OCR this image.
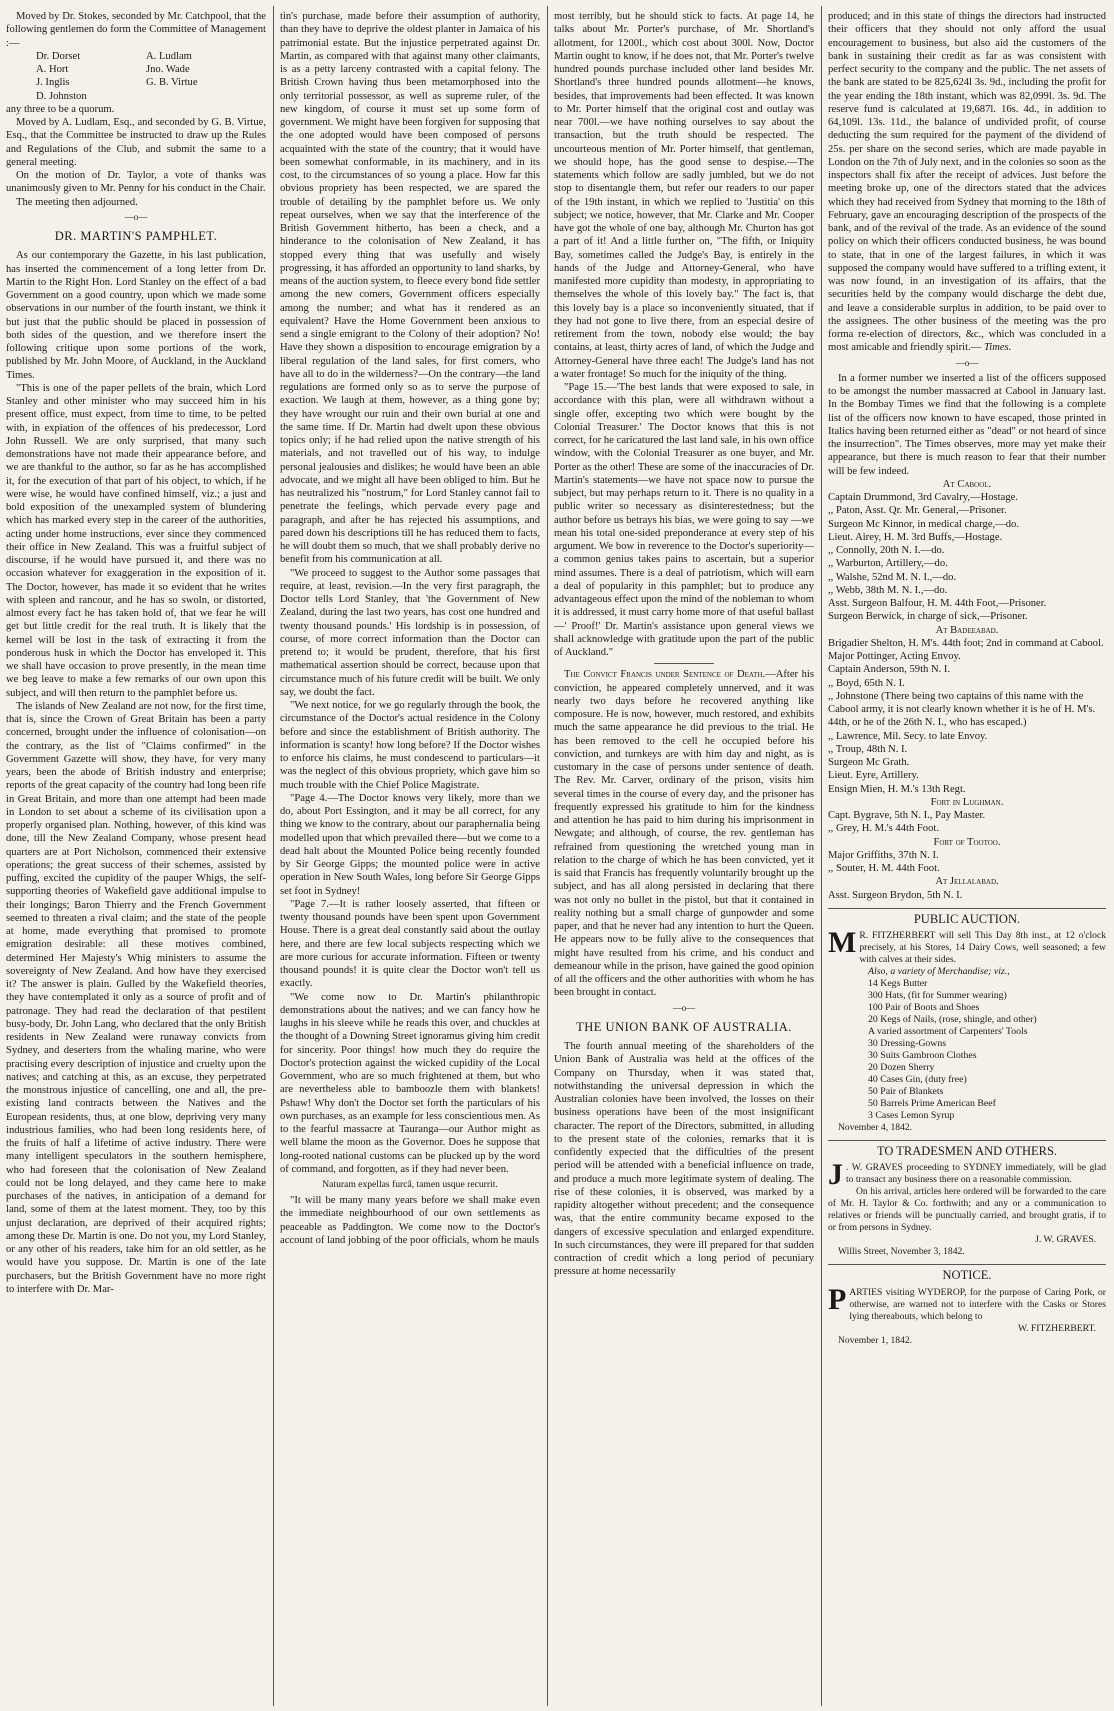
Moved by Dr. Stokes, seconded by Mr. Catchpool, that the following gentlemen do form the Committee of Management :—

Dr. Dorset	A. Ludlam
A. Hort	Jno. Wade
J. Inglis	G. B. Virtue
D. Johnston

any three to be a quorum.

Moved by A. Ludlam, Esq., and seconded by G. B. Virtue, Esq., that the Committee be instructed to draw up the Rules and Regulations of the Club, and submit the same to a general meeting.

On the motion of Dr. Taylor, a vote of thanks was unanimously given to Mr. Penny for his conduct in the Chair.

The meeting then adjourned.

—o—
DR. MARTIN'S PAMPHLET.

As our contemporary the Gazette, in his last publication, has inserted the commencement of a long letter from Dr. Martin to the Right Hon. Lord Stanley on the effect of a bad Government on a good country, upon which we made some observations in our number of the fourth instant, we think it but just that the public should be placed in possession of both sides of the question, and we therefore insert the following critique upon some portions of the work, published by Mr. John Moore, of Auckland, in the Auckland Times.

"This is one of the paper pellets of the brain, which Lord Stanley and other minister who may succeed him in his present office, must expect, from time to time, to be pelted with, in expiation of the offences of his predecessor, Lord John Russell. We are only surprised, that many such demonstrations have not made their appearance before, and we are thankful to the author, so far as he has accomplished it, for the execution of that part of his object, to which, if he were wise, he would have confined himself, viz.; a just and bold exposition of the unexampled system of blundering which has marked every step in the career of the authorities, acting under home instructions, ever since they commenced their office in New Zealand. This was a fruitful subject of discourse, if he would have pursued it, and there was no occasion whatever for exaggeration in the exposition of it. The Doctor, however, has made it so evident that he writes with spleen and rancour, and he has so swoln, or distorted, almost every fact he has taken hold of, that we fear he will get but little credit for the real truth. It is likely that the kernel will be lost in the task of extracting it from the ponderous husk in which the Doctor has enveloped it. This we shall have occasion to prove presently, in the mean time we beg leave to make a few remarks of our own upon this subject, and will then return to the pamphlet before us.

The islands of New Zealand are not now, for the first time, that is, since the Crown of Great Britain has been a party concerned, brought under the influence of colonisation—on the contrary, as the list of "Claims confirmed" in the Government Gazette will show, they have, for very many years, been the abode of British industry and enterprise; reports of the great capacity of the country had long been rife in Great Britain, and more than one attempt had been made in London to set about a scheme of its civilisation upon a properly organised plan. Nothing, however, of this kind was done, till the New Zealand Company, whose present head quarters are at Port Nicholson, commenced their extensive operations; the great success of their schemes, assisted by puffing, excited the cupidity of the pauper Whigs, the self-supporting theories of Wakefield gave additional impulse to their longings; Baron Thierry and the French Government seemed to threaten a rival claim; and the state of the people at home, made everything that promised to promote emigration desirable: all these motives combined, determined Her Majesty's Whig ministers to assume the sovereignty of New Zealand. And how have they exercised it? The answer is plain. Gulled by the Wakefield theories, they have contemplated it only as a source of profit and of patronage. They had read the declaration of that pestilent busy-body, Dr. John Lang, who declared that the only British residents in New Zealand were runaway convicts from Sydney, and deserters from the whaling marine, who were practising every description of injustice and cruelty upon the natives; and catching at this, as an excuse, they perpetrated the monstrous injustice of cancelling, one and all, the pre-existing land contracts between the Natives and the European residents, thus, at one blow, depriving very many industrious families, who had been long residents here, of the fruits of half a lifetime of active industry. There were many intelligent speculators in the southern hemisphere, who had foreseen that the colonisation of New Zealand could not be long delayed, and they came here to make purchases of the natives, in anticipation of a demand for land, some of them at the latest moment. They, too by this unjust declaration, are deprived of their acquired rights; among these Dr. Martin is one. Do not you, my Lord Stanley, or any other of his readers, take him for an old settler, as he would have you suppose. Dr. Martin is one of the late purchasers, but the British Government have no more right to interfere with Dr. Mar-

tin's purchase, made before their assumption of authority, than they have to deprive the oldest planter in Jamaica of his patrimonial estate. But the injustice perpetrated against Dr. Martin, as compared with that against many other claimants, is as a petty larceny contrasted with a capital felony. The British Crown having thus been metamorphosed into the only territorial possessor, as well as supreme ruler, of the new kingdom, of course it must set up some form of government. We might have been forgiven for supposing that the one adopted would have been composed of persons acquainted with the state of the country; that it would have been somewhat conformable, in its machinery, and in its cost, to the circumstances of so young a place. How far this obvious propriety has been respected, we are spared the trouble of detailing by the pamphlet before us. We only repeat ourselves, when we say that the interference of the British Government hitherto, has been a check, and a hinderance to the colonisation of New Zealand, it has stopped every thing that was usefully and wisely progressing, it has afforded an opportunity to land sharks, by means of the auction system, to fleece every bond fide settler among the new comers, Government officers especially among the number; and what has it rendered as an equivalent? Have the Home Government been anxious to send a single emigrant to the Colony of their adoption? No! Have they shown a disposition to encourage emigration by a liberal regulation of the land sales, for first comers, who have all to do in the wilderness?—On the contrary—the land regulations are formed only so as to serve the purpose of exaction. We laugh at them, however, as a thing gone by; they have wrought our ruin and their own burial at one and the same time. If Dr. Martin had dwelt upon these obvious topics only; if he had relied upon the native strength of his materials, and not travelled out of his way, to indulge personal jealousies and dislikes; he would have been an able advocate, and we might all have been obliged to him. But he has neutralized his "nostrum," for Lord Stanley cannot fail to penetrate the feelings, which pervade every page and paragraph, and after he has rejected his assumptions, and pared down his descriptions till he has reduced them to facts, he will doubt them so much, that we shall probably derive no benefit from his communication at all.

"We proceed to suggest to the Author some passages that require, at least, revision.—In the very first paragraph, the Doctor tells Lord Stanley, that 'the Government of New Zealand, during the last two years, has cost one hundred and twenty thousand pounds.' His lordship is in possession, of course, of more correct information than the Doctor can pretend to; it would be prudent, therefore, that his first mathematical assertion should be correct, because upon that circumstance much of his future credit will be built. We only say, we doubt the fact.

"We next notice, for we go regularly through the book, the circumstance of the Doctor's actual residence in the Colony before and since the establishment of British authority. The information is scanty! how long before? If the Doctor wishes to enforce his claims, he must condescend to particulars—it was the neglect of this obvious propriety, which gave him so much trouble with the Chief Police Magistrate.

"Page 4.—The Doctor knows very likely, more than we do, about Port Essington, and it may be all correct, for any thing we know to the contrary, about our paraphernalia being modelled upon that which prevailed there—but we come to a dead halt about the Mounted Police being recently founded by Sir George Gipps; the mounted police were in active operation in New South Wales, long before Sir George Gipps set foot in Sydney!

"Page 7.—It is rather loosely asserted, that fifteen or twenty thousand pounds have been spent upon Government House. There is a great deal constantly said about the outlay here, and there are few local subjects respecting which we are more curious for accurate information. Fifteen or twenty thousand pounds! it is quite clear the Doctor won't tell us exactly.

"We come now to Dr. Martin's philanthropic demonstrations about the natives; and we can fancy how he laughs in his sleeve while he reads this over, and chuckles at the thought of a Downing Street ignoramus giving him credit for sincerity. Poor things! how much they do require the Doctor's protection against the wicked cupidity of the Local Government, who are so much frightened at them, but who are nevertheless able to bamboozle them with blankets! Pshaw! Why don't the Doctor set forth the particulars of his own purchases, as an example for less conscientious men. As to the fearful massacre at Tauranga—our Author might as well blame the moon as the Governor. Does he suppose that long-rooted national customs can be plucked up by the word of command, and forgotten, as if they had never been.

Naturam expellas furcâ, tamen usque recurrit.

"It will be many many years before we shall make even the immediate neighbourhood of our own settlements as peaceable as Paddington. We come now to the Doctor's account of land jobbing of the poor officials, whom he mauls

most terribly, but he should stick to facts. At page 14, he talks about Mr. Porter's purchase, of Mr. Shortland's allotment, for 1200l., which cost about 300l. Now, Doctor Martin ought to know, if he does not, that Mr. Porter's twelve hundred pounds purchase included other land besides Mr. Shortland's three hundred pounds allotment—he knows, besides, that improvements had been effected. It was known to Mr. Porter himself that the original cost and outlay was near 700l.—we have nothing ourselves to say about the transaction, but the truth should be respected. The uncourteous mention of Mr. Porter himself, that gentleman, we should hope, has the good sense to despise.—The statements which follow are sadly jumbled, but we do not stop to disentangle them, but refer our readers to our paper of the 19th instant, in which we replied to 'Justitia' on this subject; we notice, however, that Mr. Clarke and Mr. Cooper have got the whole of one bay, although Mr. Churton has got a part of it! And a little further on, "The fifth, or Iniquity Bay, sometimes called the Judge's Bay, is entirely in the hands of the Judge and Attorney-General, who have manifested more cupidity than modesty, in appropriating to themselves the whole of this lovely bay." The fact is, that this lovely bay is a place so inconveniently situated, that if they had not gone to live there, from an especial desire of retirement from the town, nobody else would; the bay contains, at least, thirty acres of land, of which the Judge and Attorney-General have three each! The Judge's land has not a water frontage! So much for the iniquity of the thing.

"Page 15.—'The best lands that were exposed to sale, in accordance with this plan, were all withdrawn without a single offer, excepting two which were bought by the Colonial Treasurer.' The Doctor knows that this is not correct, for he caricatured the last land sale, in his own office window, with the Colonial Treasurer as one buyer, and Mr. Porter as the other! These are some of the inaccuracies of Dr. Martin's statements—we have not space now to pursue the subject, but may perhaps return to it. There is no quality in a public writer so necessary as disinterestedness; but the author before us betrays his bias, we were going to say —we mean his total one-sided preponderance at every step of his argument. We bow in reverence to the Doctor's superiority—a common genius takes pains to ascertain, but a superior mind assumes. There is a deal of patriotism, which will earn a deal of popularity in this pamphlet; but to produce any advantageous effect upon the mind of the nobleman to whom it is addressed, it must carry home more of that useful ballast—' Proof!' Dr. Martin's assistance upon general views we shall acknowledge with gratitude upon the part of the public of Auckland."

The Convict Francis under Sentence of Death.—After his conviction, he appeared completely unnerved, and it was nearly two days before he recovered anything like composure. He is now, however, much restored, and exhibits much the same appearance he did previous to the trial. He has been removed to the cell he occupied before his conviction, and turnkeys are with him day and night, as is customary in the case of persons under sentence of death. The Rev. Mr. Carver, ordinary of the prison, visits him several times in the course of every day, and the prisoner has frequently expressed his gratitude to him for the kindness and attention he has paid to him during his imprisonment in Newgate; and although, of course, the rev. gentleman has refrained from questioning the wretched young man in relation to the charge of which he has been convicted, yet it is said that Francis has frequently voluntarily brought up the subject, and has all along persisted in declaring that there was not only no bullet in the pistol, but that it contained in reality nothing but a small charge of gunpowder and some paper, and that he never had any intention to hurt the Queen. He appears now to be fully alive to the consequences that might have resulted from his crime, and his conduct and demeanour while in the prison, have gained the good opinion of all the officers and the other authorities with whom he has been brought in contact.

—o—
THE UNION BANK OF AUSTRALIA.

The fourth annual meeting of the shareholders of the Union Bank of Australia was held at the offices of the Company on Thursday, when it was stated that, notwithstanding the universal depression in which the Australian colonies have been involved, the losses on their business operations have been of the most insignificant character. The report of the Directors, submitted, in alluding to the present state of the colonies, remarks that it is confidently expected that the difficulties of the present period will be attended with a beneficial influence on trade, and produce a much more legitimate system of dealing. The rise of these colonies, it is observed, was marked by a rapidity altogether without precedent; and the consequence was, that the entire community became exposed to the dangers of excessive speculation and enlarged expenditure. In such circumstances, they were ill prepared for that sudden contraction of credit which a long period of pecuniary pressure at home necessarily

produced; and in this state of things the directors had instructed their officers that they should not only afford the usual encouragement to business, but also aid the customers of the bank in sustaining their credit as far as was consistent with perfect security to the company and the public. The net assets of the bank are stated to be 825,624l 3s. 9d., including the profit for the year ending the 18th instant, which was 82,099l. 3s. 9d. The reserve fund is calculated at 19,687l. 16s. 4d., in addition to 64,109l. 13s. 11d., the balance of undivided profit, of course deducting the sum required for the payment of the dividend of 25s. per share on the second series, which are made payable in London on the 7th of July next, and in the colonies so soon as the inspectors shall fix after the receipt of advices. Just before the meeting broke up, one of the directors stated that the advices which they had received from Sydney that morning to the 18th of February, gave an encouraging description of the prospects of the bank, and of the revival of the trade. As an evidence of the sound policy on which their officers conducted business, he was bound to state, that in one of the largest failures, in which it was supposed the company would have suffered to a trifling extent, it was now found, in an investigation of its affairs, that the securities held by the company would discharge the debt due, and leave a considerable surplus in addition, to be paid over to the assignees. The other business of the meeting was the pro forma re-election of directors, &c., which was concluded in a most amicable and friendly spirit.— Times.

—o—

In a former number we inserted a list of the officers supposed to be amongst the number massacred at Cabool in January last. In the Bombay Times we find that the following is a complete list of the officers now known to have escaped, those printed in Italics having been returned either as "dead" or not heard of since the insurrection". The Times observes, more may yet make their appearance, but there is much reason to fear that their number will be few indeed.

At Cabool.
Captain Drummond, 3rd Cavalry,—Hostage.
,, Paton, Asst. Qr. Mr. General,—Prisoner.
Surgeon Mc Kinnor, in medical charge,—do.
Lieut. Airey, H. M. 3rd Buffs,—Hostage.
,, Connolly, 20th N. I.—do.
,, Warburton, Artillery,—do.
,, Walshe, 52nd M. N. I.,—do.
,, Webb, 38th M. N. I.,—do.
Asst. Surgeon Balfour, H. M. 44th Foot,—Prisoner.
Surgeon Berwick, in charge of sick,—Prisoner.
At Badeeabad.
Brigadier Shelton, H. M's. 44th foot; 2nd in command at Cabool.
Major Pottinger, Acting Envoy.
Captain Anderson, 59th N. I.
,, Boyd, 65th N. I.
,, Johnstone (There being two captains of this name with the Cabool army, it is not clearly known whether it is he of H. M's. 44th, or he of the 26th N. I., who has escaped.)
,, Lawrence, Mil. Secy. to late Envoy.
,, Troup, 48th N. I.
Surgeon Mc Grath.
Lieut. Eyre, Artillery.
Ensign Mien, H. M.'s 13th Regt.
Fort in Lughman.
Capt. Bygrave, 5th N. I., Pay Master.
,, Grey, H. M.'s 44th Foot.
Fort of Tootoo.
Major Griffiths, 37th N. I.
,, Souter, H. M. 44th Foot.
At Jellalabad.
Asst. Surgeon Brydon, 5th N. I.
PUBLIC AUCTION.

M R. FITZHERBERT will sell This Day 8th inst., at 12 o'clock precisely, at his Stores, 14 Dairy Cows, well seasoned; a few with calves at their sides.

Also, a variety of Merchandise; viz.,
14 Kegs Butter
300 Hats, (fit for Summer wearing)
100 Pair of Boots and Shoes
20 Kegs of Nails, (rose, shingle, and other)
A varied assortment of Carpenters' Tools
30 Dressing-Gowns
30 Suits Gambroon Clothes
20 Dozen Sherry
40 Cases Gin, (duty free)
50 Pair of Blankets
50 Barrels Prime American Beef
3 Cases Lemon Syrup

November 4, 1842.

TO TRADESMEN AND OTHERS.

J . W. GRAVES proceeding to SYDNEY immediately, will be glad to transact any business there on a reasonable commission.

On his arrival, articles here ordered will be forwarded to the care of Mr. H. Taylor & Co. forthwith; and any or a communication to relatives or friends will be punctually carried, and brought gratis, if to or from persons in Sydney.

J. W. GRAVES.

Willis Street, November 3, 1842.

NOTICE.

PARTIES visiting WYDEROP, for the purpose of Caring Pork, or otherwise, are warned not to interfere with the Casks or Stores lying thereabouts, which belong to

W. FITZHERBERT.

November 1, 1842.
